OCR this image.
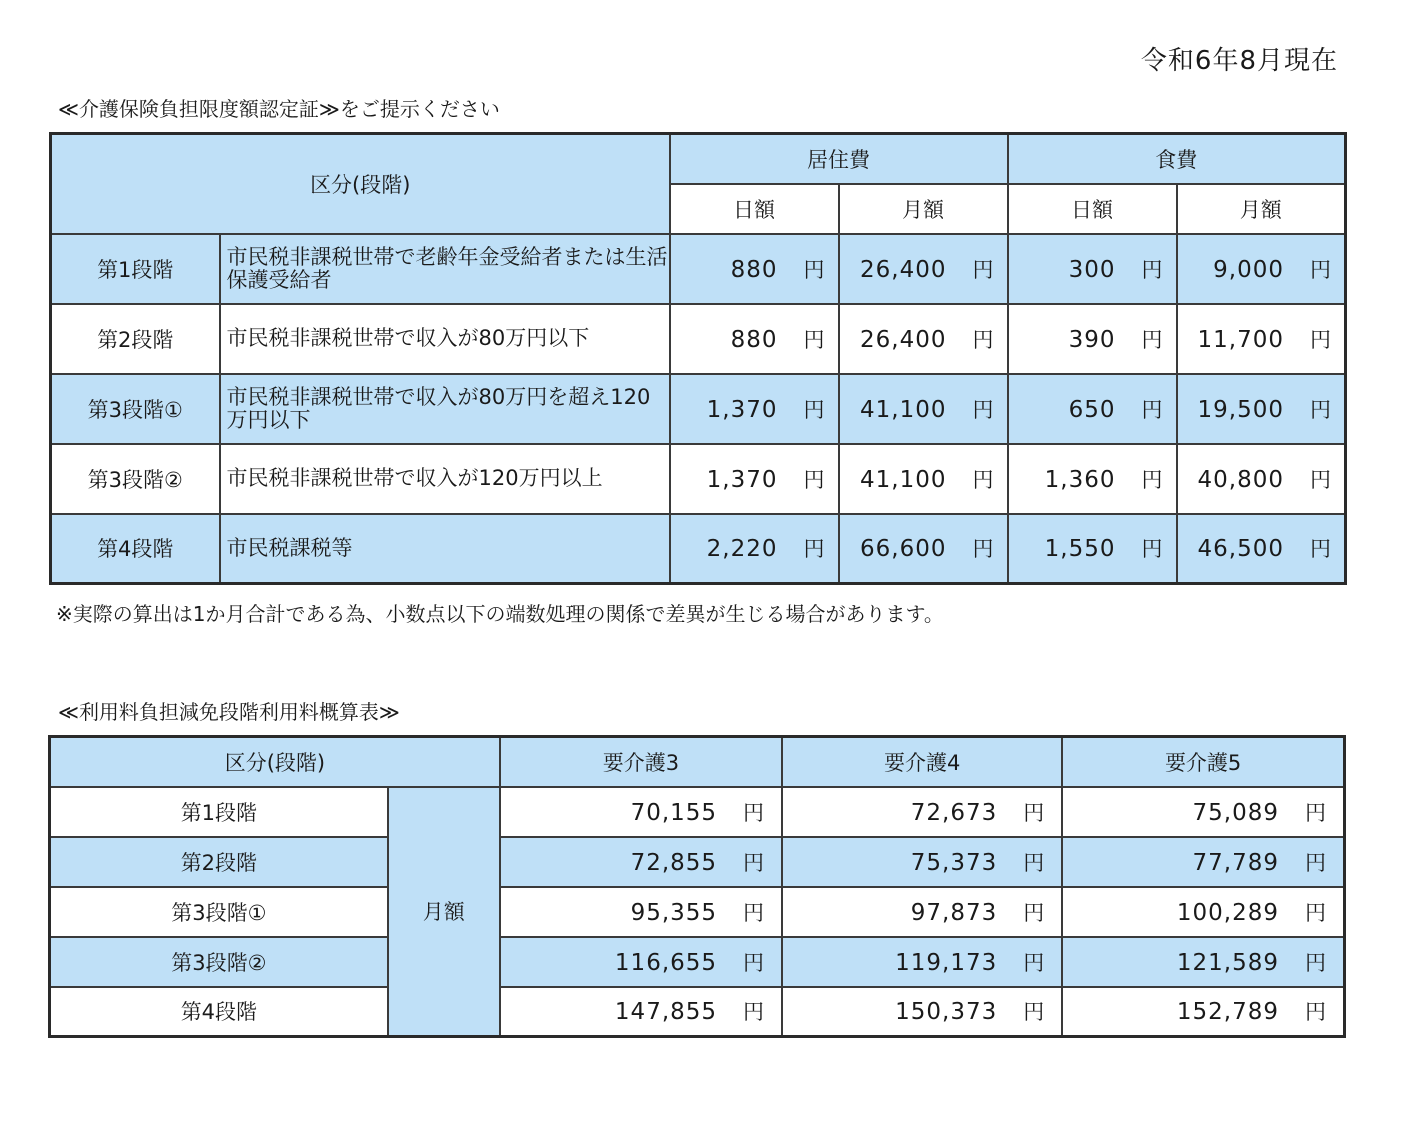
令和6年8月現在
≪介護保険負担限度額認定証≫をご提示ください
区分(段階)		居住費		食費	
		日額	月額	日額	月額
第1段階	市民税非課税世帯で老齢年金受給者または生活保護受給者	880 円	26,400 円	300 円	9,000 円
第2段階	市民税非課税世帯で収入が80万円以下	880 円	26,400 円	390 円	11,700 円
第3段階①	市民税非課税世帯で収入が80万円を超え120万円以下	1,370 円	41,100 円	650 円	19,500 円
第3段階②	市民税非課税世帯で収入が120万円以上	1,370 円	41,100 円	1,360 円	40,800 円
第4段階	市民税課税等	2,220 円	66,600 円	1,550 円	46,500 円
※実際の算出は1か月合計である為、小数点以下の端数処理の関係で差異が生じる場合があります。
≪利用料負担減免段階利用料概算表≫
区分(段階)		要介護3	要介護4	要介護5
第1段階	月額	70,155 円	72,673 円	75,089 円
第2段階		72,855 円	75,373 円	77,789 円
第3段階①		95,355 円	97,873 円	100,289 円
第3段階②		116,655 円	119,173 円	121,589 円
第4段階		147,855 円	150,373 円	152,789 円
